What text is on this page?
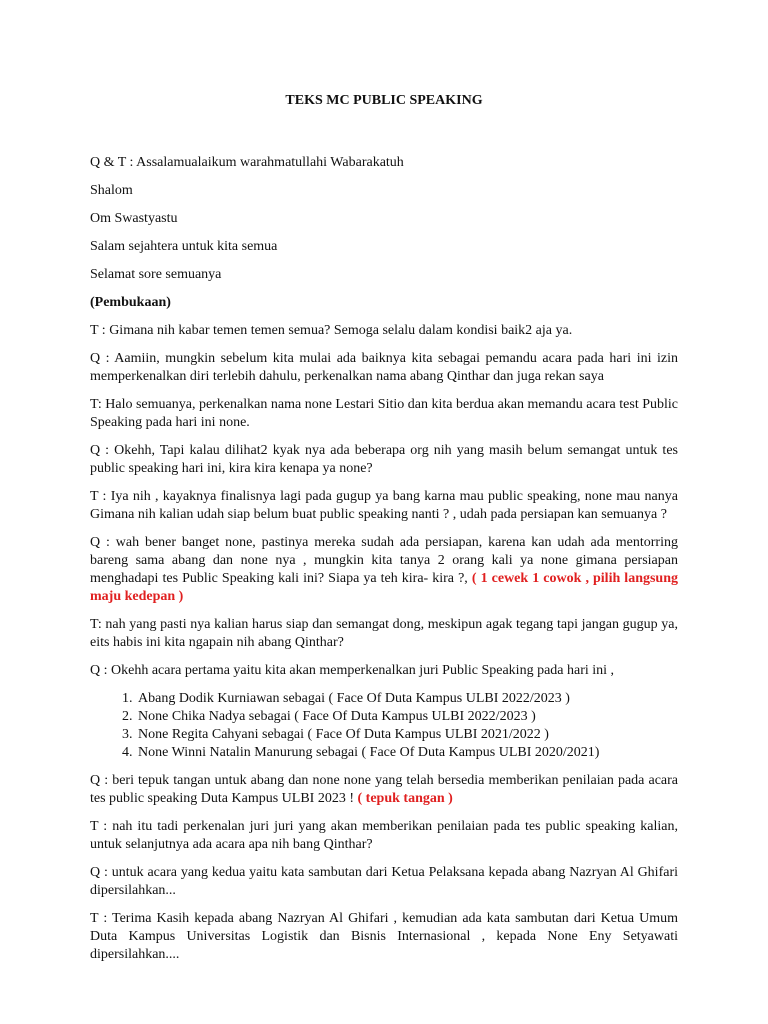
TEKS MC PUBLIC SPEAKING
Q & T : Assalamualaikum warahmatullahi Wabarakatuh
Shalom
Om Swastyastu
Salam sejahtera untuk kita semua
Selamat sore semuanya
(Pembukaan)
T : Gimana nih kabar temen temen semua? Semoga selalu dalam kondisi baik2 aja ya.
Q : Aamiin, mungkin sebelum kita mulai ada baiknya kita sebagai pemandu acara pada hari ini izin memperkenalkan diri terlebih dahulu, perkenalkan nama abang Qinthar dan juga rekan saya
T: Halo semuanya, perkenalkan nama none Lestari Sitio dan kita berdua akan memandu acara test Public Speaking pada hari ini none.
Q : Okehh, Tapi kalau dilihat2 kyak nya ada beberapa org nih yang masih belum semangat untuk tes public speaking hari ini, kira kira kenapa ya none?
T : Iya nih , kayaknya finalisnya lagi pada gugup ya bang karna mau public speaking, none mau nanya Gimana nih kalian udah siap belum buat public speaking nanti ? , udah pada persiapan kan semuanya ?
Q : wah bener banget none, pastinya mereka sudah ada persiapan, karena kan udah ada mentorring bareng sama abang dan none nya , mungkin kita tanya 2 orang kali ya none gimana persiapan menghadapi tes Public Speaking kali ini? Siapa ya teh kira- kira ?, ( 1 cewek 1 cowok , pilih langsung maju kedepan )
T: nah yang pasti nya kalian harus siap dan semangat dong, meskipun agak tegang tapi jangan gugup ya, eits habis ini kita ngapain nih abang Qinthar?
Q : Okehh acara pertama yaitu kita akan memperkenalkan juri Public Speaking pada hari ini ,
1. Abang Dodik Kurniawan sebagai ( Face Of Duta Kampus ULBI 2022/2023 )
2. None Chika Nadya sebagai ( Face Of Duta Kampus ULBI 2022/2023 )
3. None Regita Cahyani sebagai ( Face Of Duta Kampus ULBI 2021/2022 )
4. None Winni Natalin Manurung sebagai ( Face Of Duta Kampus ULBI 2020/2021)
Q : beri tepuk tangan untuk abang dan none none yang telah bersedia memberikan penilaian pada acara tes public speaking Duta Kampus ULBI 2023 ! ( tepuk tangan )
T : nah itu tadi perkenalan juri juri yang akan memberikan penilaian pada tes public speaking kalian, untuk selanjutnya ada acara apa nih bang Qinthar?
Q : untuk acara yang kedua yaitu kata sambutan dari Ketua Pelaksana kepada abang Nazryan Al Ghifari dipersilahkan...
T : Terima Kasih kepada abang Nazryan Al Ghifari , kemudian ada kata sambutan dari Ketua Umum Duta Kampus Universitas Logistik dan Bisnis Internasional , kepada None Eny Setyawati dipersilahkan....
